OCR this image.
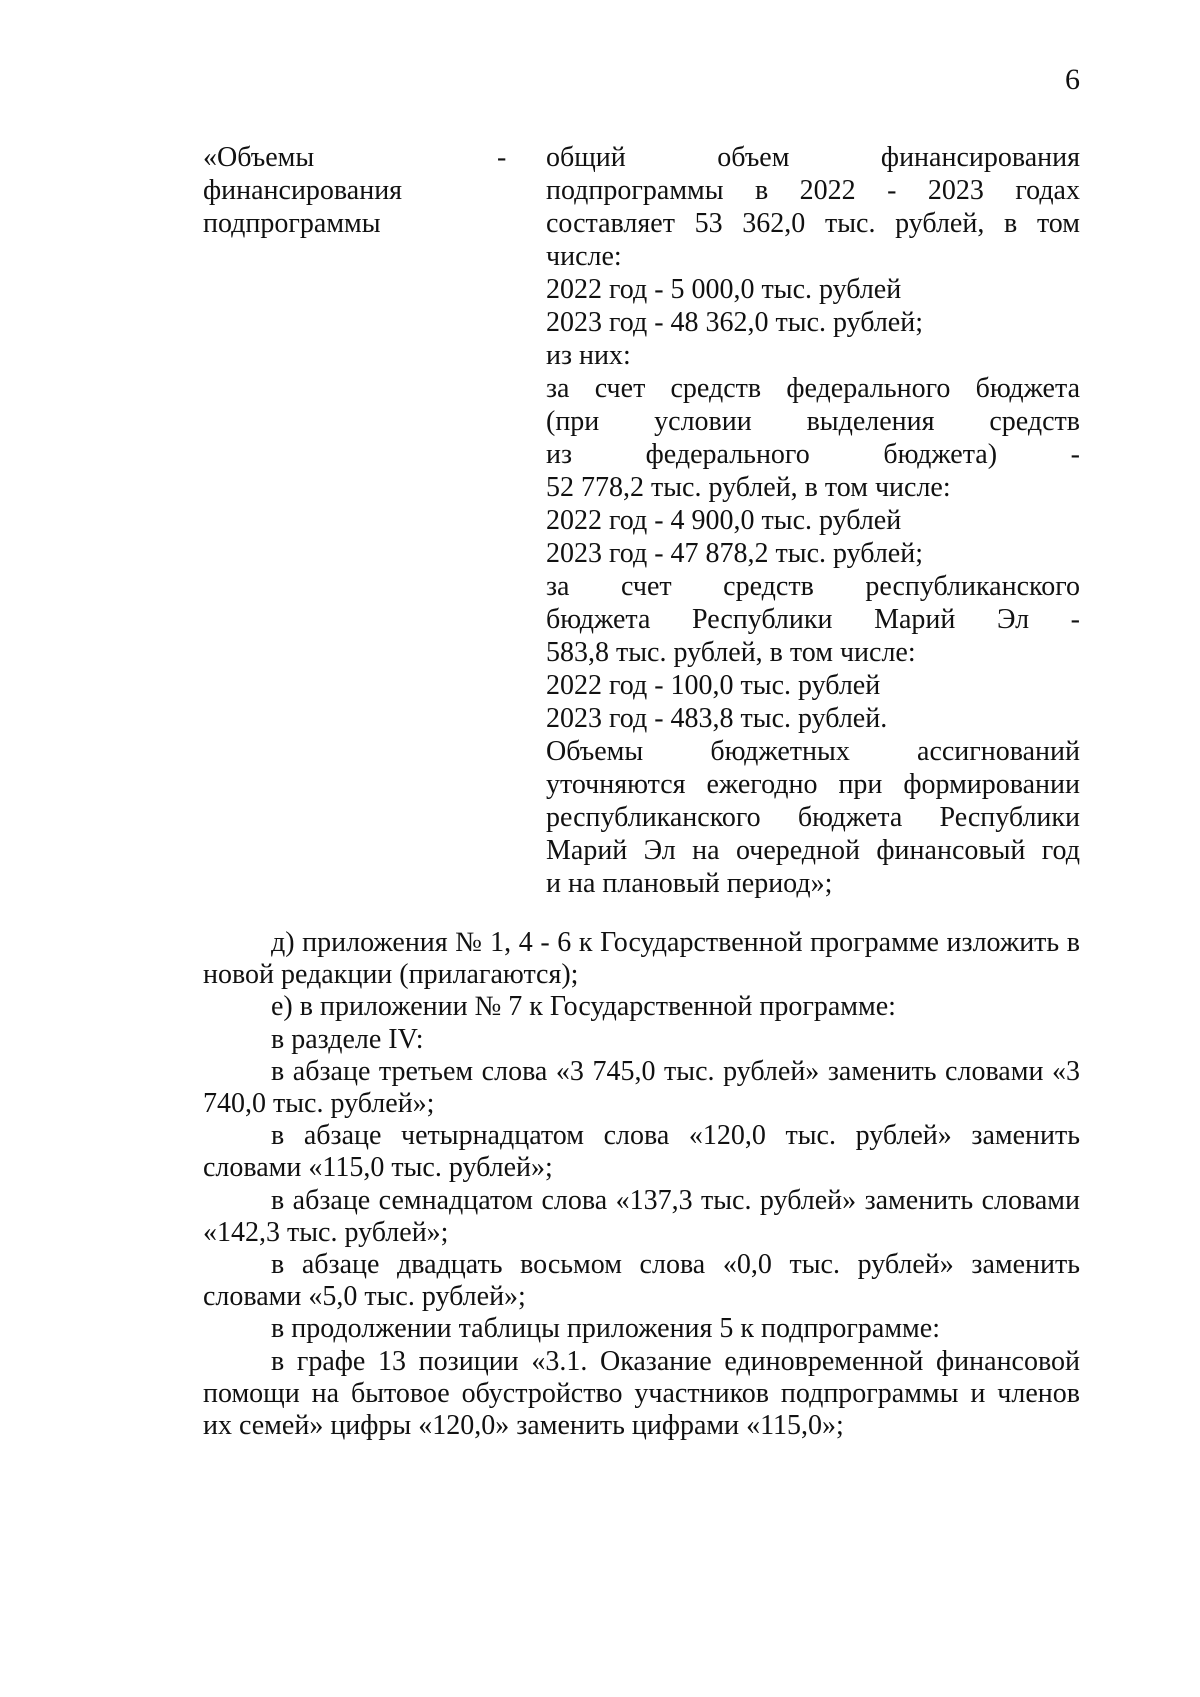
6
«Объемы
финансирования
подпрограммы
-	общий объем финансирования
подпрограммы в 2022 - 2023 годах
составляет 53 362,0 тыс. рублей, в том
числе:
2022 год - 5 000,0 тыс. рублей
2023 год - 48 362,0 тыс. рублей;
из них:
за счет средств федерального бюджета
(при условии выделения средств
из федерального бюджета) -
52 778,2 тыс. рублей, в том числе:
2022 год - 4 900,0 тыс. рублей
2023 год - 47 878,2 тыс. рублей;
за счет средств республиканского
бюджета Республики Марий Эл -
583,8 тыс. рублей, в том числе:
2022 год - 100,0 тыс. рублей
2023 год - 483,8 тыс. рублей.
Объемы бюджетных ассигнований
уточняются ежегодно при формировании
республиканского бюджета Республики
Марий Эл на очередной финансовый год
и на плановый период»;

д) приложения № 1, 4 - 6 к Государственной программе изложить в новой редакции (прилагаются);

е) в приложении № 7 к Государственной программе:

в разделе IV:

в абзаце третьем слова «3 745,0 тыс. рублей» заменить словами «3 740,0 тыс. рублей»;

в абзаце четырнадцатом слова «120,0 тыс. рублей» заменить словами «115,0 тыс. рублей»;

в абзаце семнадцатом слова «137,3 тыс. рублей» заменить словами «142,3 тыс. рублей»;

в абзаце двадцать восьмом слова «0,0 тыс. рублей» заменить словами «5,0 тыс. рублей»;

в продолжении таблицы приложения 5 к подпрограмме:

в графе 13 позиции «3.1. Оказание единовременной финансовой помощи на бытовое обустройство участников подпрограммы и членов их семей» цифры «120,0» заменить цифрами «115,0»;
